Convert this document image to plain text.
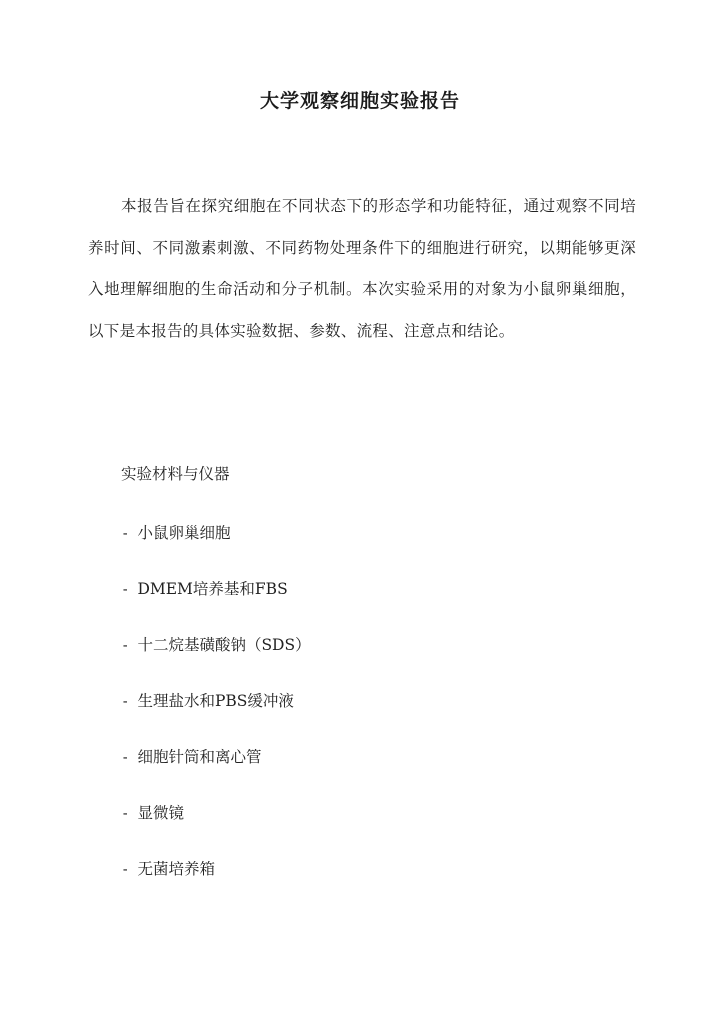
大学观察细胞实验报告

本报告旨在探究细胞在不同状态下的形态学和功能特征，通过观察不同培养时间、不同激素刺激、不同药物处理条件下的细胞进行研究，以期能够更深入地理解细胞的生命活动和分子机制。本次实验采用的对象为小鼠卵巢细胞，以下是本报告的具体实验数据、参数、流程、注意点和结论。

实验材料与仪器
- 小鼠卵巢细胞
- DMEM培养基和FBS
- 十二烷基磺酸钠（SDS）
- 生理盐水和PBS缓冲液
- 细胞针筒和离心管
- 显微镜
- 无菌培养箱
